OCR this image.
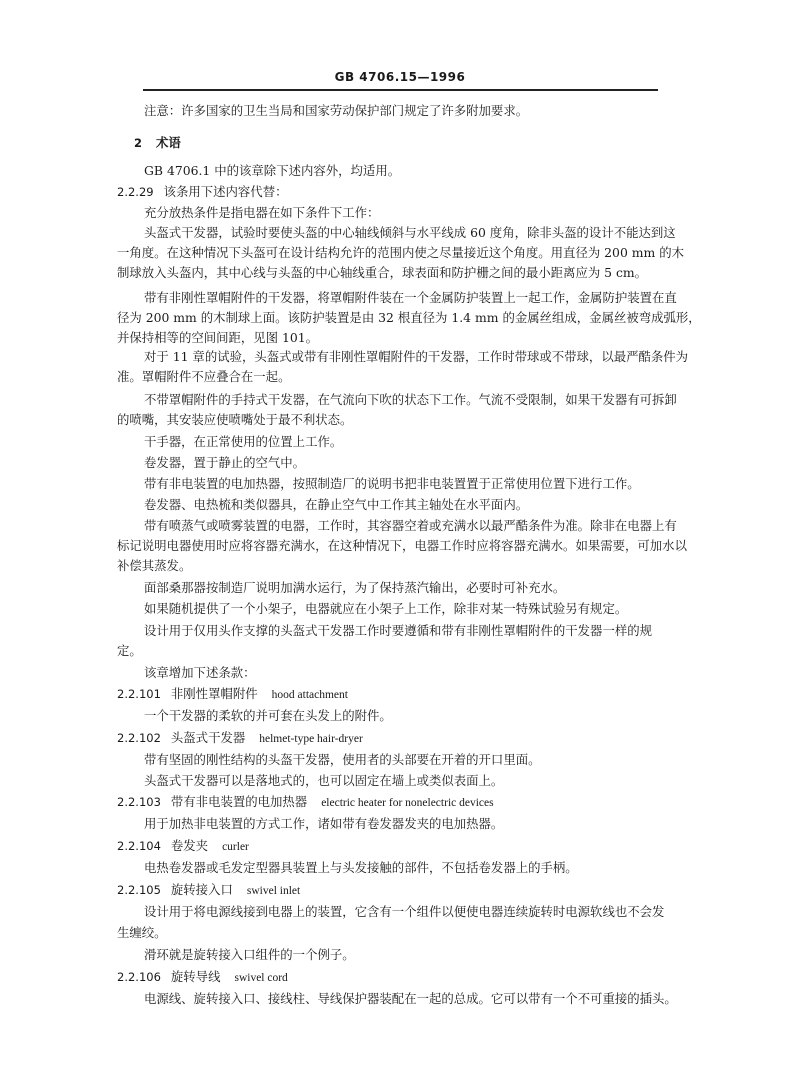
GB 4706.15—1996
注意：许多国家的卫生当局和国家劳动保护部门规定了许多附加要求。
2 术语
GB 4706.1 中的该章除下述内容外，均适用。
2.2.29 该条用下述内容代替：
充分放热条件是指电器在如下条件下工作：
头盔式干发器，试验时要使头盔的中心轴线倾斜与水平线成 60 度角，除非头盔的设计不能达到这
一角度。在这种情况下头盔可在设计结构允许的范围内使之尽量接近这个角度。用直径为 200 mm 的木
制球放入头盔内，其中心线与头盔的中心轴线重合，球表面和防护栅之间的最小距离应为 5 cm。
带有非刚性罩帽附件的干发器，将罩帽附件装在一个金属防护装置上一起工作，金属防护装置在直
径为 200 mm 的木制球上面。该防护装置是由 32 根直径为 1.4 mm 的金属丝组成，金属丝被弯成弧形，
并保持相等的空间间距，见图 101。
对于 11 章的试验，头盔式或带有非刚性罩帽附件的干发器，工作时带球或不带球，以最严酷条件为
准。罩帽附件不应叠合在一起。
不带罩帽附件的手持式干发器，在气流向下吹的状态下工作。气流不受限制，如果干发器有可拆卸
的喷嘴，其安装应使喷嘴处于最不利状态。
干手器，在正常使用的位置上工作。
卷发器，置于静止的空气中。
带有非电装置的电加热器，按照制造厂的说明书把非电装置置于正常使用位置下进行工作。
卷发器、电热梳和类似器具，在静止空气中工作其主轴处在水平面内。
带有喷蒸气或喷雾装置的电器，工作时，其容器空着或充满水以最严酷条件为准。除非在电器上有
标记说明电器使用时应将容器充满水，在这种情况下，电器工作时应将容器充满水。如果需要，可加水以
补偿其蒸发。
面部桑那器按制造厂说明加满水运行，为了保持蒸汽输出，必要时可补充水。
如果随机提供了一个小架子，电器就应在小架子上工作，除非对某一特殊试验另有规定。
设计用于仅用头作支撑的头盔式干发器工作时要遵循和带有非刚性罩帽附件的干发器一样的规
定。
该章增加下述条款：
2.2.101 非刚性罩帽附件 hood attachment
一个干发器的柔软的并可套在头发上的附件。
2.2.102 头盔式干发器 helmet-type hair-dryer
带有坚固的刚性结构的头盔干发器，使用者的头部要在开着的开口里面。
头盔式干发器可以是落地式的，也可以固定在墙上或类似表面上。
2.2.103 带有非电装置的电加热器 electric heater for nonelectric devices
用于加热非电装置的方式工作，诸如带有卷发器发夹的电加热器。
2.2.104 卷发夹 curler
电热卷发器或毛发定型器具装置上与头发接触的部件，不包括卷发器上的手柄。
2.2.105 旋转接入口 swivel inlet
设计用于将电源线接到电器上的装置，它含有一个组件以便使电器连续旋转时电源软线也不会发
生缠绞。
滑环就是旋转接入口组件的一个例子。
2.2.106 旋转导线 swivel cord
电源线、旋转接入口、接线柱、导线保护器装配在一起的总成。它可以带有一个不可重接的插头。
